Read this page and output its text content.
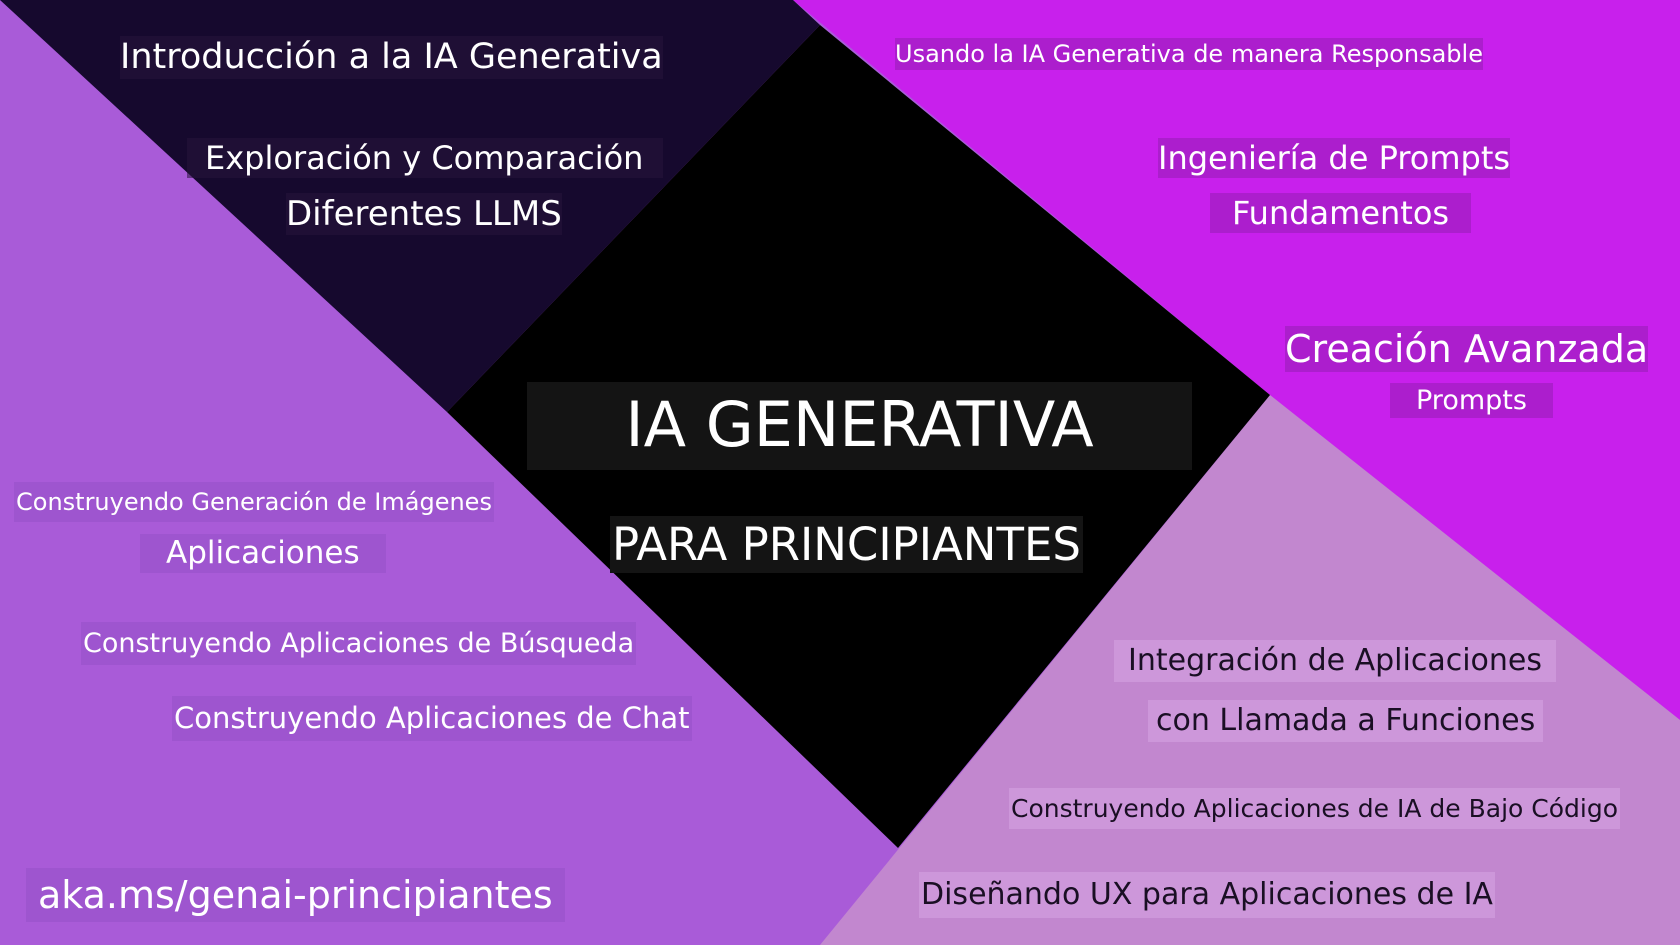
Introducción a la IA Generativa
Exploración y Comparación
Diferentes LLMS
Usando la IA Generativa de manera Responsable
Ingeniería de Prompts
Fundamentos
Creación Avanzada
Prompts
IA GENERATIVA
PARA PRINCIPIANTES
Construyendo Generación de Imágenes
Aplicaciones
Construyendo Aplicaciones de Búsqueda
Construyendo Aplicaciones de Chat
Integración de Aplicaciones
con Llamada a Funciones
Construyendo Aplicaciones de IA de Bajo Código
Diseñando UX para Aplicaciones de IA
aka.ms/genai-principiantes
